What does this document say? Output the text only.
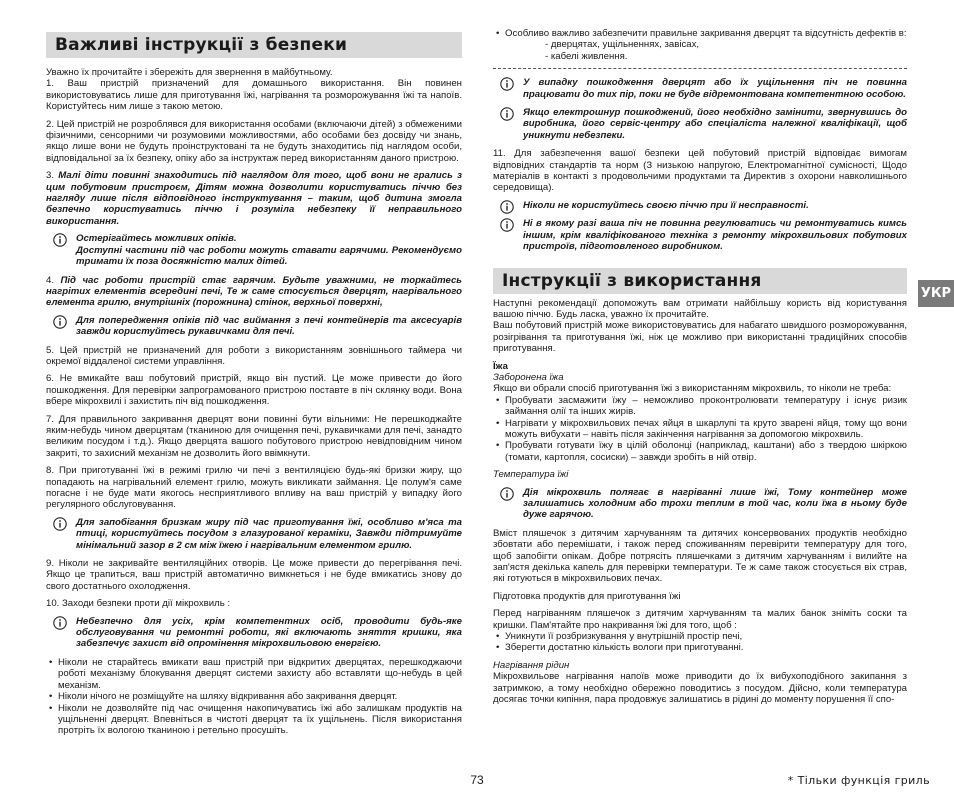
Важливі інструкції з безпеки

Уважно їх прочитайте і збережіть для звернення в майбутньому.

1. Ваш пристрій призначений для домашнього використання. Він повинен використовуватись лише для приготування їжі, нагрівання та розморожування їжі та напоїв. Користуйтесь ним лише з такою метою.

2. Цей пристрій не розроблявся для використання особами (включаючи дітей) з обмеженими фізичними, сенсорними чи розумовими можливостями, або особами без досвіду чи знань, якщо лише вони не будуть проінструктовані та не будуть знаходитись під наглядом особи, відповідальної за їх безпеку, опіку або за інструктаж перед використанням даного пристрою.

3. Малі діти повинні знаходитись під наглядом для того, щоб вони не грались з цим побутовим пристроєм, Дітям можна дозволити користуватись піччю без нагляду лише після відповідного інструктування – таким, щоб дитина змогла безпечно користуватись піччю і розуміла небезпеку її неправильного використання.

Остерігайтесь можливих опіків.
Доступні частини під час роботи можуть ставати гарячими. Рекомендуємо тримати їх поза досяжністю малих дітей.

4. Під час роботи пристрій стає гарячим. Будьте уважними, не торкайтесь нагрітих елементів всередині печі, Те ж саме стосується дверцят, нагрівального елемента грилю, внутрішніх (порожнина) стінок, верхньої поверхні,

Для попередження опіків під час виймання з печі контейнерів та аксесуарів завжди користуйтесь рукавичками для печі.

5. Цей пристрій не призначений для роботи з використанням зовнішнього таймера чи окремої віддаленої системи управління.

6. Не вмикайте ваш побутовий пристрій, якщо він пустий. Це може привести до його пошкодження. Для перевірки запрограмованого пристрою поставте в піч склянку води. Вона вбере мікрохвилі і захистить піч від пошкодження.

7. Для правильного закривання дверцят вони повинні бути вільними: Не перешкоджайте яким-небудь чином дверцятам (тканиною для очищення печі, рукавичками для печі, занадто великим посудом і т.д.). Якщо дверцята вашого побутового пристрою невідповідним чином закриті, то захисний механізм не дозволить його ввімкнути.

8. При приготуванні їжі в режимі грилю чи печі з вентиляцією будь-які бризки жиру, що попадають на нагрівальний елемент грилю, можуть викликати займання. Це полум'я саме погасне і не буде мати якогось несприятливого впливу на ваш пристрій у випадку його регулярного обслуговування.

Для запобігання бризкам жиру під час приготування їжі, особливо м'яса та птиці, користуйтесь посудом з глазурованої кераміки, Завжди підтримуйте мінімальний зазор в 2 см між їжею і нагрівальним елементом грилю.

9. Ніколи не закривайте вентиляційних отворів. Це може привести до перегрівання печі. Якщо це трапиться, ваш пристрій автоматично вимкнеться і не буде вмикатись знову до свого достатнього охолодження.

10. Заходи безпеки проти дії мікрохвиль :

Небезпечно для усіх, крім компетентних осіб, проводити будь-яке обслуговування чи ремонтні роботи, які включають зняття кришки, яка забезпечує захист від опромінення мікрохвильовою енергією.
• Ніколи не старайтесь вмикати ваш пристрій при відкритих дверцятах, перешкоджаючи роботі механізму блокування дверцят системи захисту або вставляти що-небудь в цей механізм.
• Ніколи нічого не розміщуйте на шляху відкривання або закривання дверцят.
• Ніколи не дозволяйте під час очищення накопичуватись їжі або залишкам продуктів на ущільненні дверцят. Впевніться в чистоті дверцят та їх ущільнень. Після використання протріть їх вологою тканиною і ретельно просушіть.
• Особливо важливо забезпечити правильне закривання дверцят та відсутність дефектів в:

- дверцятах, ущільненнях, завісах,

- кабелі живлення.

У випадку пошкодження дверцят або їх ущільнення піч не повинна працювати до тих пір, поки не буде відремонтована компетентною особою.
Якщо електрошнур пошкоджений, його необхідно замінити, звернувшись до виробника, його сервіс-центру або спеціаліста належної кваліфікації, щоб уникнути небезпеки.

11. Для забезпечення вашої безпеки цей побутовий пристрій відповідає вимогам відповідних стандартів та норм (З низькою напругою, Електромагнітної сумісності, Щодо матеріалів в контакті з продовольчими продуктами та Директив з охорони навколишнього середовища).

Ніколи не користуйтесь своєю піччю при її несправності.
Ні в якому разі ваша піч не повинна регулюватись чи ремонтуватись кимсь іншим, крім кваліфікованого техніка з ремонту мікрохвильових побутових пристроїв, підготовленого виробником.
Інструкції з використання

Наступні рекомендації допоможуть вам отримати найбільшу користь від користування вашою піччю. Будь ласка, уважно їх прочитайте.

Ваш побутовий пристрій може використовуватись для набагато швидшого розморожування, розігрівання та приготування їжі, ніж це можливо при використанні традиційних способів приготування.

Їжа

Заборонена їжа

Якщо ви обрали спосіб приготування їжі з використанням мікрохвиль, то ніколи не треба:

• Пробувати засмажити їжу – неможливо проконтролювати температуру і існує ризик займання олії та інших жирів.
• Нагрівати у мікрохвильових печах яйця в шкарлупі та круто зварені яйця, тому що вони можуть вибухати – навіть після закінчення нагрівання за допомогою мікрохвиль.
• Пробувати готувати їжу в цілій оболонці (наприклад, каштани) або з твердою шкіркою (томати, картопля, сосиски) – завжди зробіть в ній отвір.

Температура їжі

Дія мікрохвиль полягає в нагріванні лише їжі, Тому контейнер може залишатись холодним або трохи теплим в той час, коли їжа в ньому буде дуже гарячою.

Вміст пляшечок з дитячим харчуванням та дитячих консервованих продуктів необхідно збовтати або перемішати, і також перед споживанням перевірити температуру для того, щоб запобігти опікам. Добре потрясіть пляшечками з дитячим харчуванням і вилийте на зап'ястя декілька капель для перевірки температури. Те ж саме також стосується віх страв, які готуються в мікрохвильових печах.

Підготовка продуктів для приготування їжі

Перед нагріванням пляшечок з дитячим харчуванням та малих банок зніміть соски та кришки. Пам'ятайте про накривання їжі для того, щоб :

• Уникнути її розбризкування у внутрішній простір печі,
• Зберегти достатню кількість вологи при приготуванні.

Нагрівання рідин

Мікрохвильове нагрівання напоїв може приводити до їх вибухоподібного закипання з затримкою, а тому необхідно обережно поводитись з посудом. Дійсно, коли температура досягає точки кипіння, пара продовжує залишатись в рідині до моменту порушення її спо-

УКР
73	* Тільки функція гриль
